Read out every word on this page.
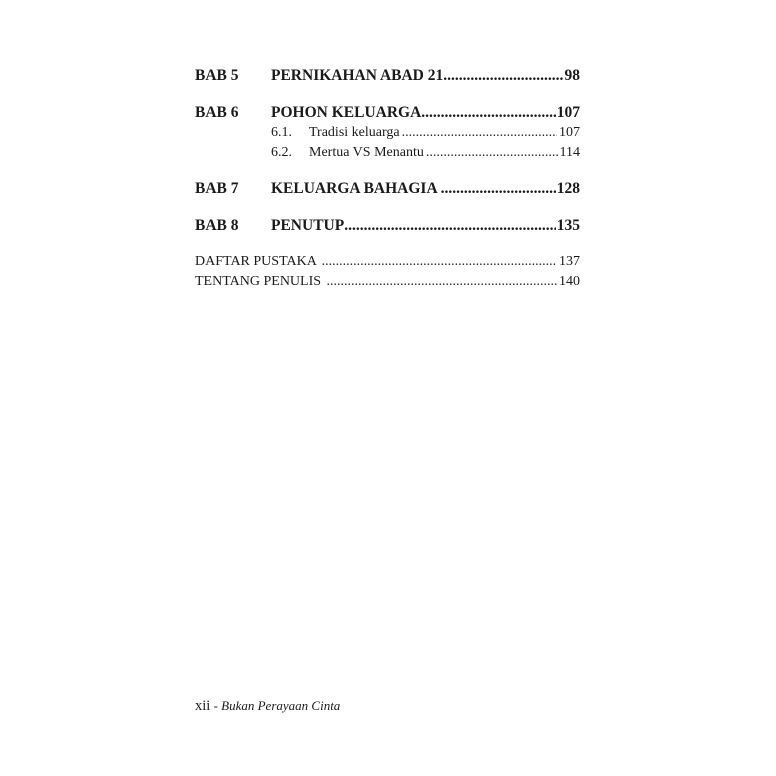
BAB 5	PERNIKAHAN ABAD 21 .....	98
BAB 6	POHON KELUARGA .....	107
6.1.	Tradisi keluarga .....	107
6.2.	Mertua VS Menantu .....	114
BAB 7	KELUARGA BAHAGIA .....	128
BAB 8	PENUTUP .....	135
DAFTAR PUSTAKA .....	137
TENTANG PENULIS .....	140
xii - Bukan Perayaan Cinta
